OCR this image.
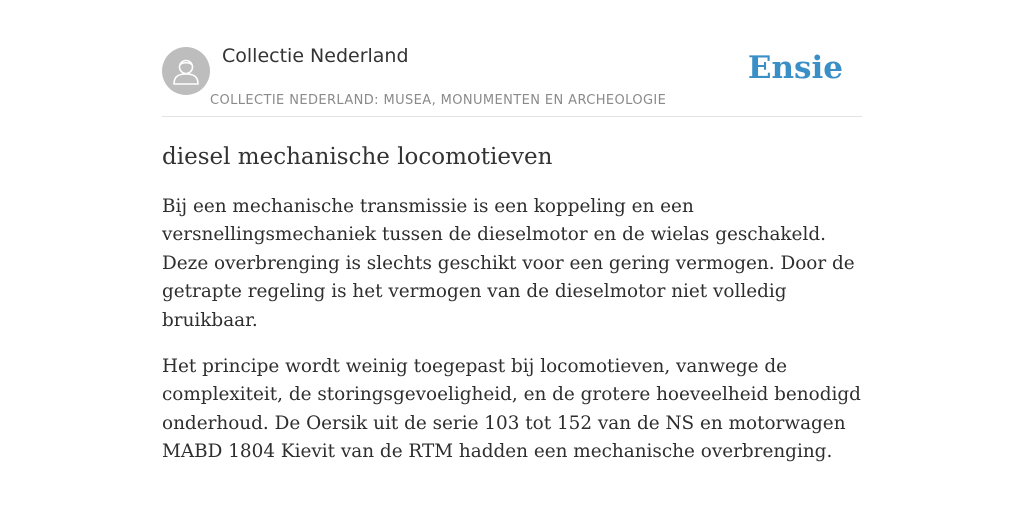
Collectie Nederland
COLLECTIE NEDERLAND: MUSEA, MONUMENTEN EN ARCHEOLOGIE
Ensie
diesel mechanische locomotieven

Bij een mechanische transmissie is een koppeling en een versnellingsmechaniek tussen de dieselmotor en de wielas geschakeld. Deze overbrenging is slechts geschikt voor een gering vermogen. Door de getrapte regeling is het vermogen van de dieselmotor niet volledig bruikbaar.

Het principe wordt weinig toegepast bij locomotieven, vanwege de complexiteit, de storingsgevoeligheid, en de grotere hoeveelheid benodigd onderhoud. De Oersik uit de serie 103 tot 152 van de NS en motorwagen MABD 1804 Kievit van de RTM hadden een mechanische overbrenging.
